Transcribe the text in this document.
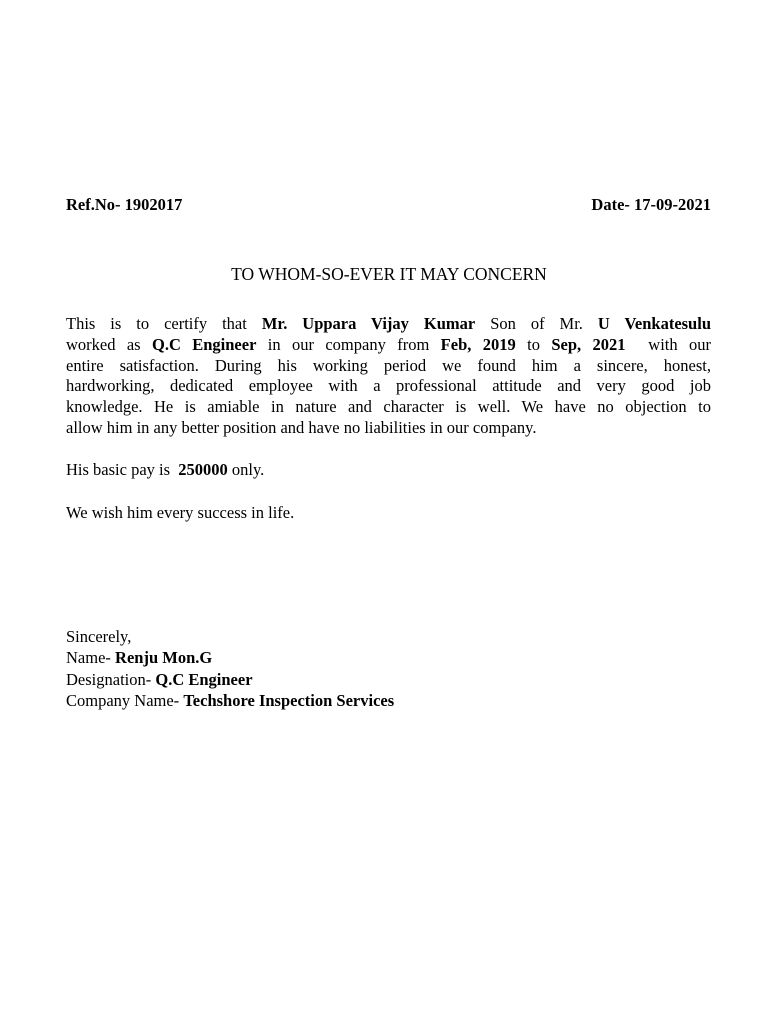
Ref.No- 1902017	Date- 17-09-2021
TO WHOM-SO-EVER IT MAY CONCERN
This is to certify that Mr. Uppara Vijay Kumar Son of Mr. U Venkatesulu
worked as Q.C Engineer in our company from Feb, 2019 to Sep, 2021  with our
entire satisfaction. During his working period we found him a sincere, honest,
hardworking, dedicated employee with a professional attitude and very good job
knowledge. He is amiable in nature and character is well. We have no objection to
allow him in any better position and have no liabilities in our company.
His basic pay is  250000 only.
We wish him every success in life.
Sincerely,
Name- Renju Mon.G
Designation- Q.C Engineer
Company Name- Techshore Inspection Services
